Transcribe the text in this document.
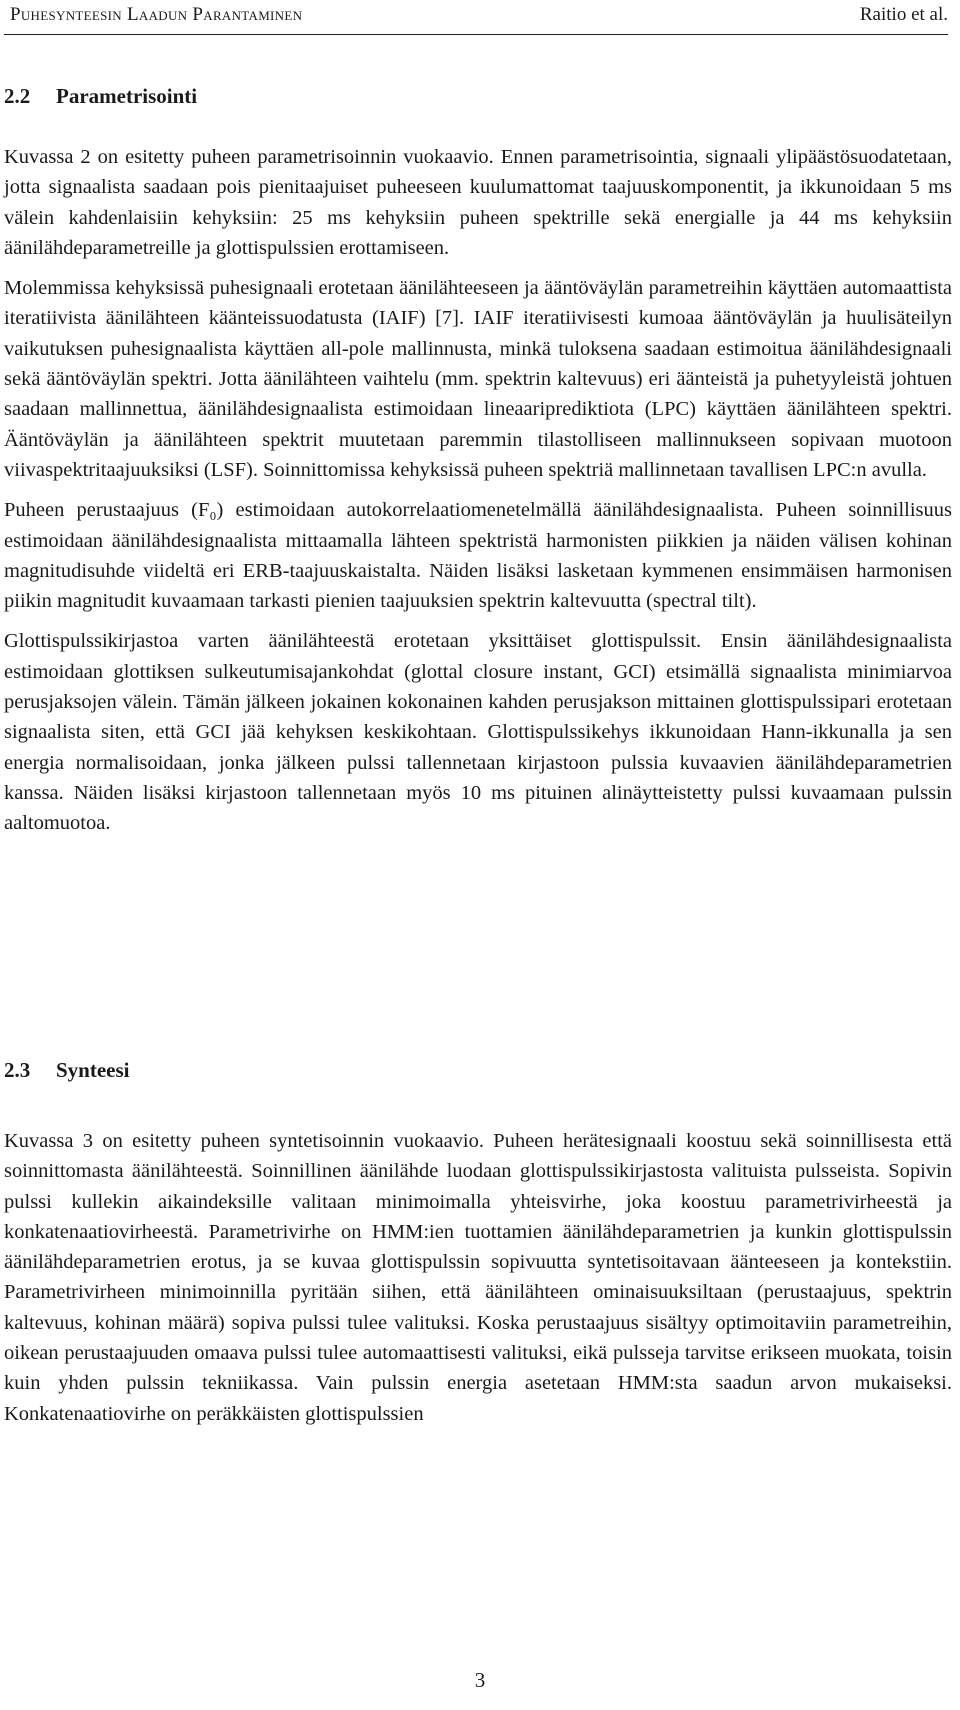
Puhesynteesin Laadun Parantaminen	Raitio et al.
2.2 Parametrisointi

Kuvassa 2 on esitetty puheen parametrisoinnin vuokaavio. Ennen parametrisointia, signaali ylipäästösuodatetaan, jotta signaalista saadaan pois pienitaajuiset puheeseen kuulumattomat taajuuskomponentit, ja ikkunoidaan 5 ms välein kahdenlaisiin kehyksiin: 25 ms kehyksiin puheen spektrille sekä energialle ja 44 ms kehyksiin äänilähdeparametreille ja glottispulssien erottamiseen.

Molemmissa kehyksissä puhesignaali erotetaan äänilähteeseen ja ääntöväylän parametreihin käyttäen automaattista iteratiivista äänilähteen käänteissuodatusta (IAIF) [7]. IAIF iteratiivisesti kumoaa ääntöväylän ja huulisäteilyn vaikutuksen puhesignaalista käyttäen all-pole mallinnusta, minkä tuloksena saadaan estimoitua äänilähdesignaali sekä ääntöväylän spektri. Jotta äänilähteen vaihtelu (mm. spektrin kaltevuus) eri äänteistä ja puhetyyleistä johtuen saadaan mallinnettua, äänilähdesignaalista estimoidaan lineaariprediktiota (LPC) käyttäen äänilähteen spektri. Ääntöväylän ja äänilähteen spektrit muutetaan paremmin tilastolliseen mallinnukseen sopivaan muotoon viivaspektritaajuuksiksi (LSF). Soinnittomissa kehyksissä puheen spektriä mallinnetaan tavallisen LPC:n avulla.

Puheen perustaajuus (F₀) estimoidaan autokorrelaatiomenetelmällä äänilähdesignaalista. Puheen soinnillisuus estimoidaan äänilähdesignaalista mittaamalla lähteen spektristä harmonisten piikkien ja näiden välisen kohinan magnitudisuhde viideltä eri ERB-taajuuskaistalta. Näiden lisäksi lasketaan kymmenen ensimmäisen harmonisen piikin magnitudit kuvaamaan tarkasti pienien taajuuksien spektrin kaltevuutta (spectral tilt).

Glottispulssikirjastoa varten äänilähteestä erotetaan yksittäiset glottispulssit. Ensin äänilähdesignaalista estimoidaan glottiksen sulkeutumisajankohdat (glottal closure instant, GCI) etsimällä signaalista minimiarvoa perusjaksojen välein. Tämän jälkeen jokainen kokonainen kahden perusjakson mittainen glottispulssipari erotetaan signaalista siten, että GCI jää kehyksen keskikohtaan. Glottispulssikehys ikkunoidaan Hann-ikkunalla ja sen energia normalisoidaan, jonka jälkeen pulssi tallennetaan kirjastoon pulssia kuvaavien äänilähdeparametrien kanssa. Näiden lisäksi kirjastoon tallennetaan myös 10 ms pituinen alinäytteistetty pulssi kuvaamaan pulssin aaltomuotoa.

2.3 Synteesi

Kuvassa 3 on esitetty puheen syntetisoinnin vuokaavio. Puheen herätesignaali koostuu sekä soinnillisesta että soinnittomasta äänilähteestä. Soinnillinen äänilähde luodaan glottispulssikirjastosta valituista pulsseista. Sopivin pulssi kullekin aikaindeksille valitaan minimoimalla yhteisvirhe, joka koostuu parametrivirheestä ja konkatenaatiovirheestä. Parametrivirhe on HMM:ien tuottamien äänilähdeparametrien ja kunkin glottispulssin äänilähdeparametrien erotus, ja se kuvaa glottispulssin sopivuutta syntetisoitavaan äänteeseen ja kontekstiin. Parametrivirheen minimoinnilla pyritään siihen, että äänilähteen ominaisuuksiltaan (perustaajuus, spektrin kaltevuus, kohinan määrä) sopiva pulssi tulee valituksi. Koska perustaajuus sisältyy optimoitaviin parametreihin, oikean perustaajuuden omaava pulssi tulee automaattisesti valituksi, eikä pulsseja tarvitse erikseen muokata, toisin kuin yhden pulssin tekniikassa. Vain pulssin energia asetetaan HMM:sta saadun arvon mukaiseksi. Konkatenaatiovirhe on peräkkäisten glottispulssien

3
